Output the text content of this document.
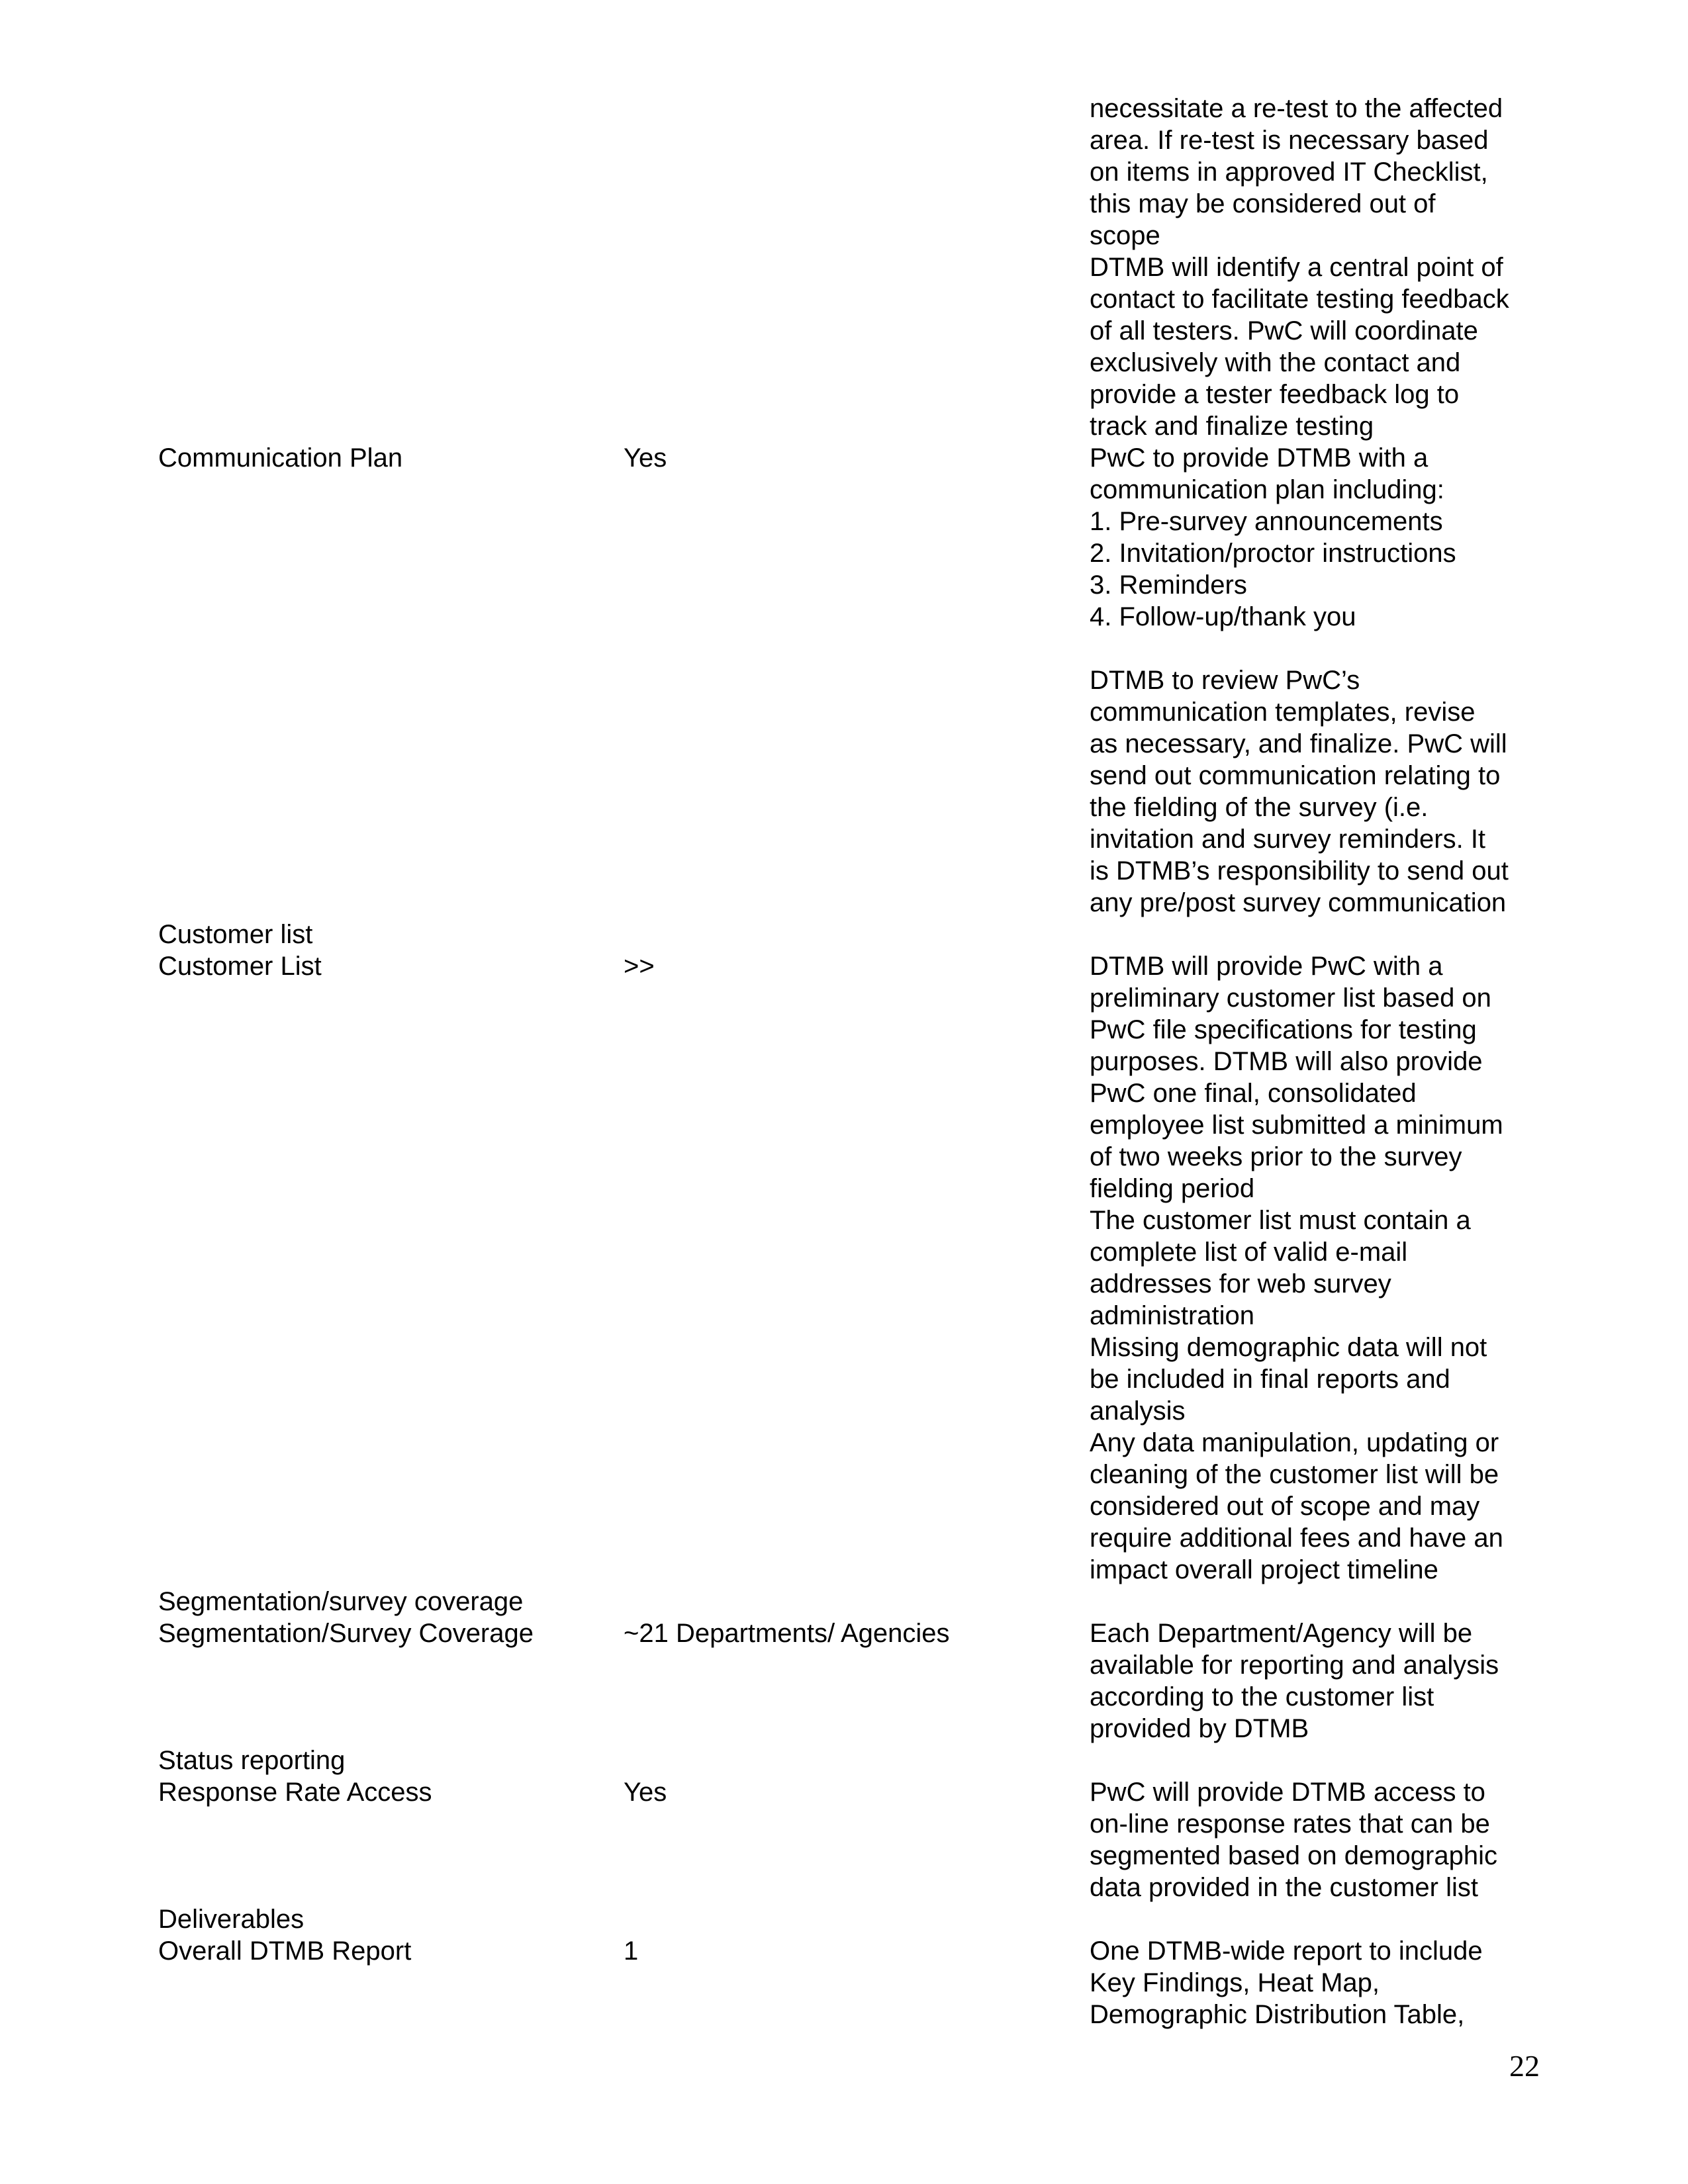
necessitate a re-test to the affected
area. If re-test is necessary based
on items in approved IT Checklist,
this may be considered out of
scope
DTMB will identify a central point of
contact to facilitate testing feedback
of all testers. PwC will coordinate
exclusively with the contact and
provide a tester feedback log to
track and finalize testing
Communication Plan	Yes	PwC to provide DTMB with a
communication plan including:
1. Pre-survey announcements
2. Invitation/proctor instructions
3. Reminders
4. Follow-up/thank you
DTMB to review PwC’s
communication templates, revise
as necessary, and finalize. PwC will
send out communication relating to
the fielding of the survey (i.e.
invitation and survey reminders. It
is DTMB’s responsibility to send out
any pre/post survey communication
Customer list
Customer List	>>	DTMB will provide PwC with a
preliminary customer list based on
PwC file specifications for testing
purposes. DTMB will also provide
PwC one final, consolidated
employee list submitted a minimum
of two weeks prior to the survey
fielding period
The customer list must contain a
complete list of valid e-mail
addresses for web survey
administration
Missing demographic data will not
be included in final reports and
analysis
Any data manipulation, updating or
cleaning of the customer list will be
considered out of scope and may
require additional fees and have an
impact overall project timeline
Segmentation/survey coverage
Segmentation/Survey Coverage	~21 Departments/ Agencies	Each Department/Agency will be
available for reporting and analysis
according to the customer list
provided by DTMB
Status reporting
Response Rate Access	Yes	PwC will provide DTMB access to
on-line response rates that can be
segmented based on demographic
data provided in the customer list
Deliverables
Overall DTMB Report	1	One DTMB-wide report to include
Key Findings, Heat Map,
Demographic Distribution Table,
22
